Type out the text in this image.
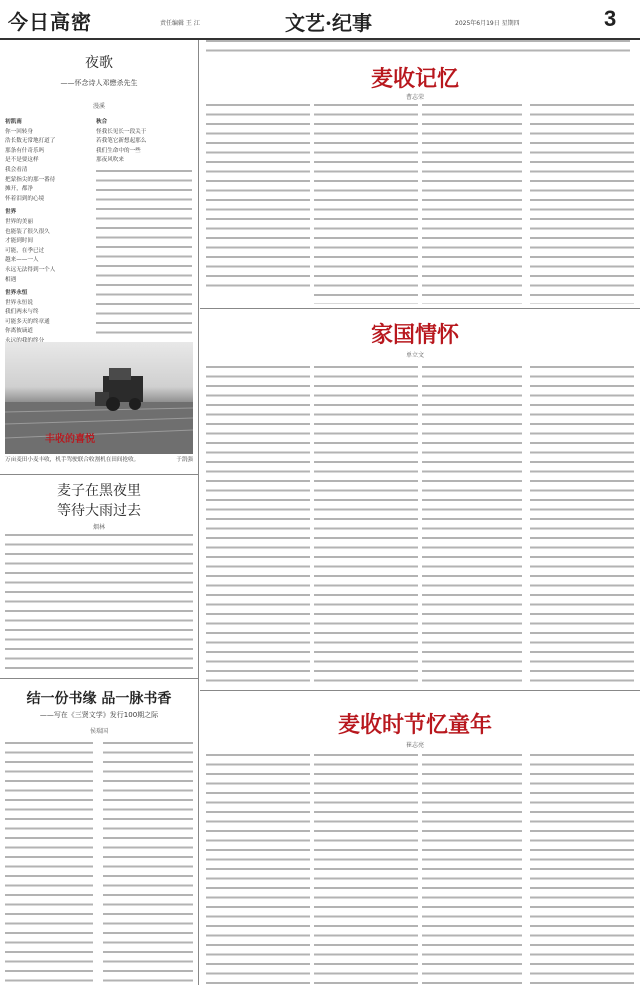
今日高密	责任编辑 王 江	文艺·纪事	2025年6月19日 星期四	3
夜歌
——怀念诗人邓懋杀先生
漫溪
初凯南
你一回转身
浩长数无常地打道了
那条有什奇乐吗
是不是要这样
我会看清
把蒙指尖的那一番待
摊开，都净
怀着泪到的心境
世界
世界的美丽
也能装了很久很久
才能到时间
可能，在季已过
越来——一人
永远无法得到一个人
相遇
世界永恒
世界永恒说
我们两未与终
可能多天的终章通
你离彼谪道
秋合
怪我长见长一段关于
若我笔它新想起那么
我们生命中的一些
那夜风吹来
丰收的喜悦
万亩麦田小麦丰收，机手驾驶联合收割机在田间抢收。	于凯强
麦子在黑夜里
等待大雨过去
烟林
结一份书缘 品一脉书香
——写在《三贤文学》发行100期之际
侯瑞国
麦收记忆
曹志荣
家国情怀
单立文
麦收时节忆童年
崔志亮
